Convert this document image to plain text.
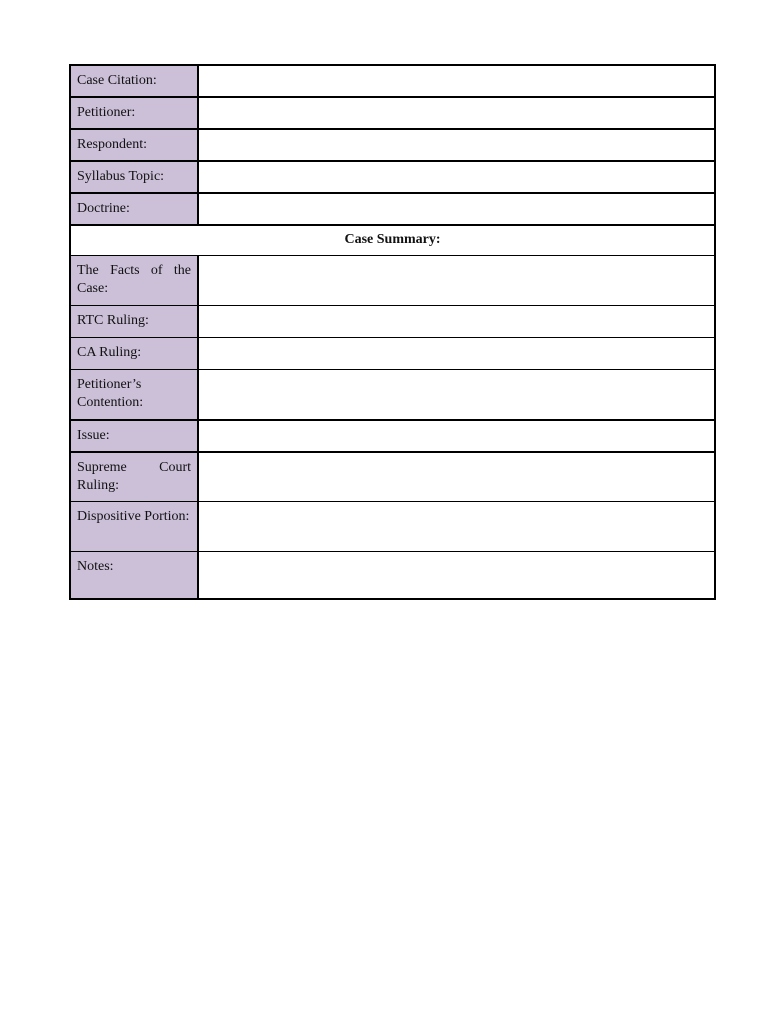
Case Citation:	
Petitioner:	
Respondent:	
Syllabus Topic:	
Doctrine:	
Case Summary:	
The Facts of the Case:	
RTC Ruling:	
CA Ruling:	
Petitioner’s Contention:	
Issue:	
Supreme Court Ruling:	
Dispositive Portion:	
Notes:	
